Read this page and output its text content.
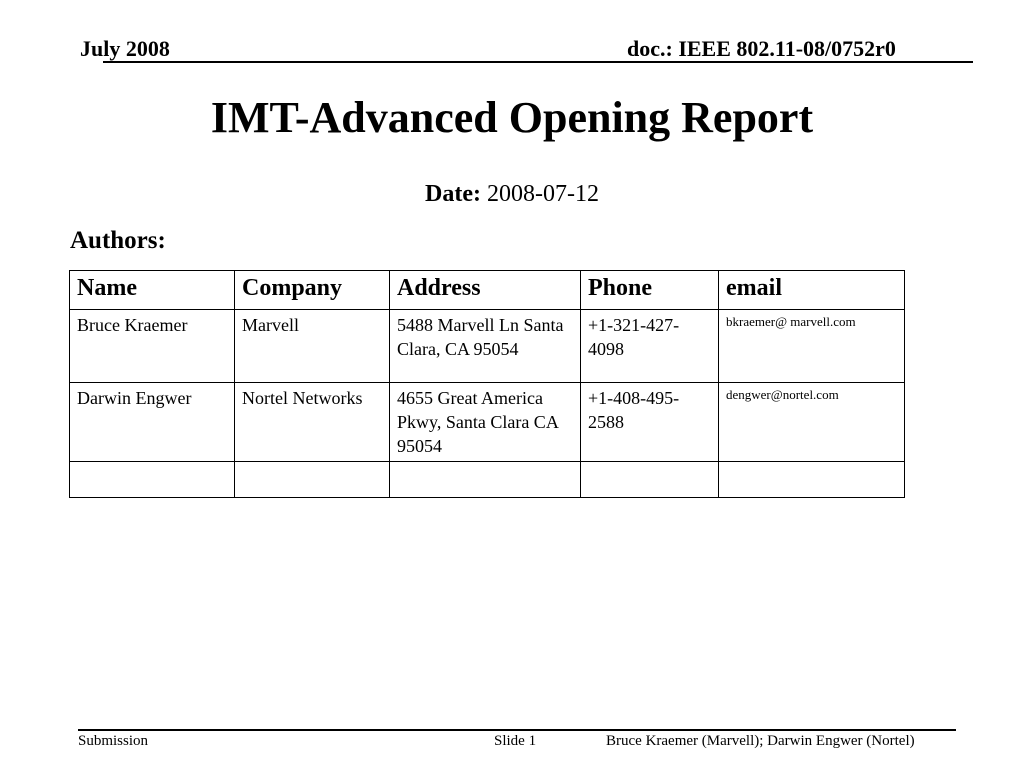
July 2008	doc.: IEEE 802.11-08/0752r0
IMT-Advanced Opening Report
Date: 2008-07-12
Authors:
Name	Company	Address	Phone	email
Bruce Kraemer	Marvell	5488 Marvell Ln Santa Clara, CA 95054	+1-321-427-4098	bkraemer@ marvell.com
Darwin Engwer	Nortel Networks	4655 Great America Pkwy, Santa Clara CA 95054	+1-408-495-2588	dengwer@nortel.com

Submission	Slide 1	Bruce Kraemer (Marvell); Darwin Engwer (Nortel)
